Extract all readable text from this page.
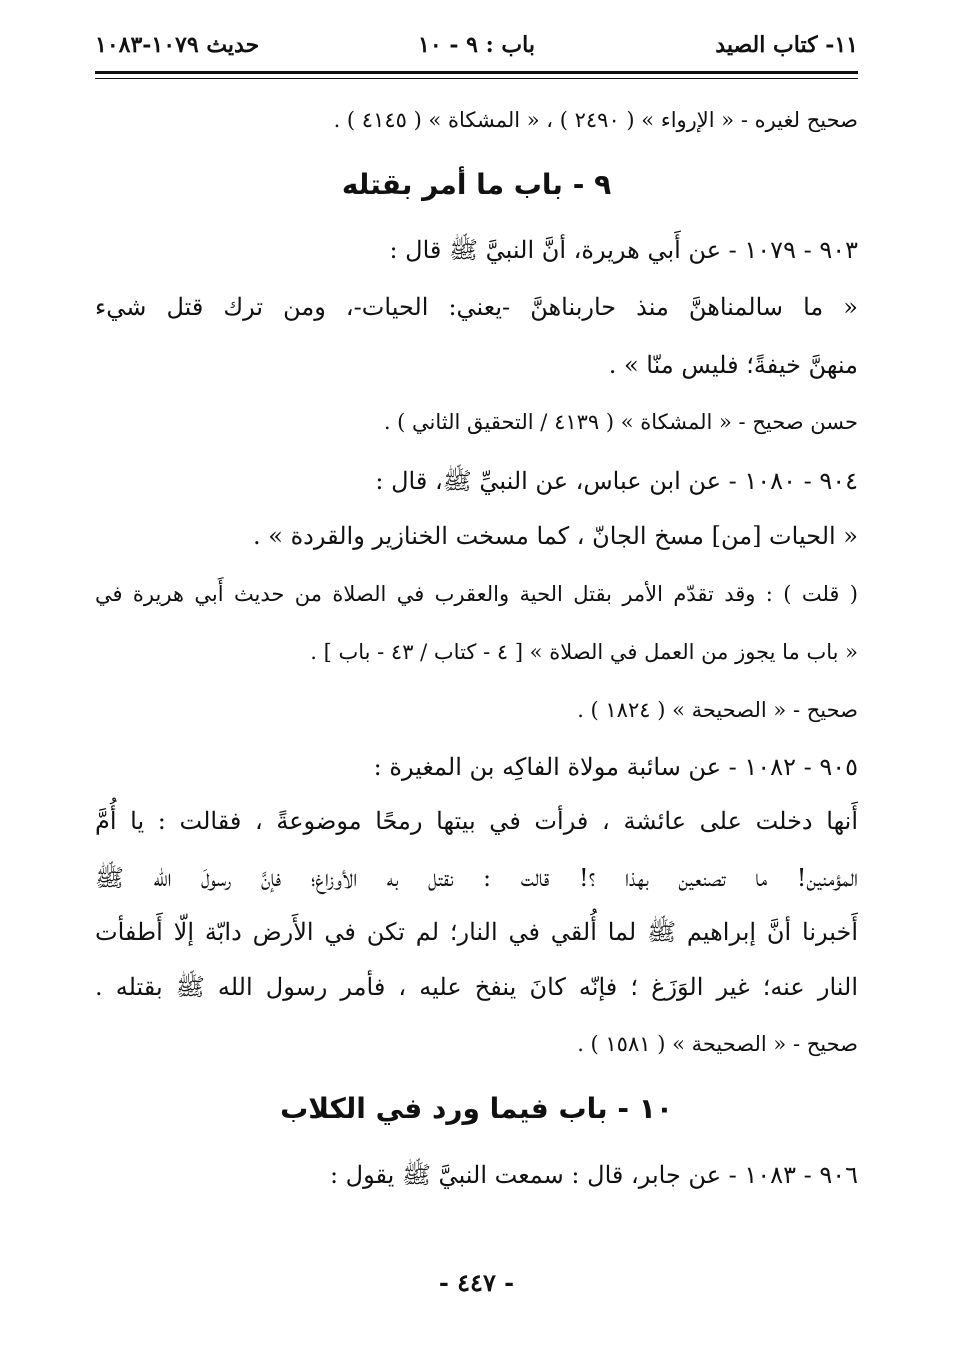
١١- كتاب الصيد
باب : ٩ - ١٠
حديث ١٠٧٩-١٠٨٣
صحيح لغيره - « الإرواء » ( ٢٤٩٠ ) ، « المشكاة » ( ٤١٤٥ ) .
٩ - باب ما أمر بقتله
٩٠٣ - ١٠٧٩ - عن أَبي هريرة، أنَّ النبيَّ ﷺ قال :
« ما سالمناهنَّ منذ حاربناهنَّ -يعني: الحيات-، ومن ترك قتل شيء
منهنَّ خيفةً؛ فليس منّا » .
حسن صحيح - « المشكاة » ( ٤١٣٩ / التحقيق الثاني ) .
٩٠٤ - ١٠٨٠ - عن ابن عباس، عن النبيِّ ﷺ، قال :
« الحيات [من] مسخ الجانّ ، كما مسخت الخنازير والقردة » .
( قلت ) : وقد تقدّم الأمر بقتل الحية والعقرب في الصلاة من حديث أَبي هريرة في
« باب ما يجوز من العمل في الصلاة » [ ٤ - كتاب / ٤٣ - باب ] .
صحيح - « الصحيحة » ( ١٨٢٤ ) .
٩٠٥ - ١٠٨٢ - عن سائبة مولاة الفاكِه بن المغيرة :
أَنها دخلت على عائشة ، فرأت في بيتها رمحًا موضوعةً ، فقالت : يا أُمَّ
المؤمنين! ما تصنعين بهذا ؟! قالت : نقتل به الأوزاغ؛ فإنَّ رسولَ الله ﷺ
أَخبرنا أنَّ إبراهيم ﷺ لما أُلقي في النار؛ لم تكن في الأَرض دابّة إلّا أَطفأت
النار عنه؛ غير الوَزَغ ؛ فإنّه كانَ ينفخ عليه ، فأمر رسول الله ﷺ بقتله .
صحيح - « الصحيحة » ( ١٥٨١ ) .
١٠ - باب فيما ورد في الكلاب
٩٠٦ - ١٠٨٣ - عن جابر، قال : سمعت النبيَّ ﷺ يقول :
- ٤٤٧ -
